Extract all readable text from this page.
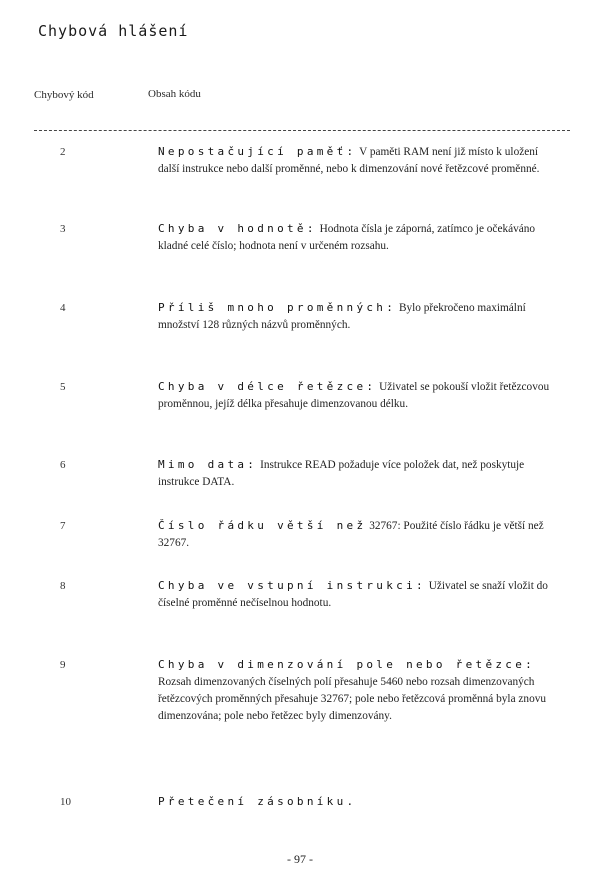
Chybová hlášení
Chybový kód	Obsah kódu
2	Nepostačující paměť: V paměti RAM není již místo k uložení další instrukce nebo další proměnné, nebo k dimenzování nové řetězcové proměnné.
3	Chyba v hodnotě: Hodnota čísla je záporná, zatímco je očekáváno kladné celé číslo; hodnota není v určeném rozsahu.
4	Příliš mnoho proměnných: Bylo překročeno maximální množství 128 různých názvů proměnných.
5	Chyba v délce řetězce: Uživatel se pokouší vložit řetězcovou proměnnou, jejíž délka přesahuje dimenzovanou délku.
6	Mimo data: Instrukce READ požaduje více položek dat, než poskytuje instrukce DATA.
7	Číslo řádku větší než 32767: Použité číslo řádku je větší než 32767.
8	Chyba ve vstupní instrukci: Uživatel se snaží vložit do číselné proměnné nečíselnou hodnotu.
9	Chyba v dimenzování pole nebo řetězce: Rozsah dimenzovaných číselných polí přesahuje 5460 nebo rozsah dimenzovaných řetězcových proměnných přesahuje 32767; pole nebo řetězcová proměnná byla znovu dimenzována; pole nebo řetězec byly dimenzovány.
10	Přetečení zásobníku.
- 97 -
